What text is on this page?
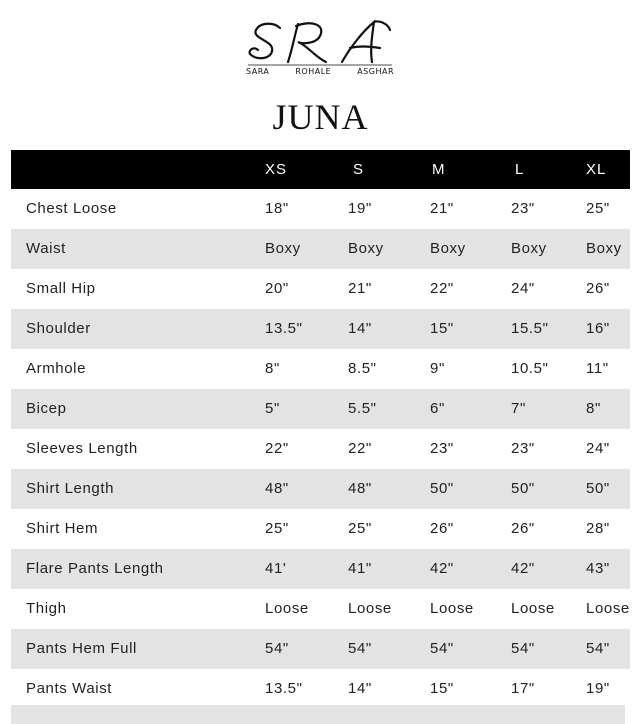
SARA	ROHALE	ASGHAR
JUNA
XS	S	M	L	XL
Chest Loose	18"	19"	21"	23"	25"
Waist	Boxy	Boxy	Boxy	Boxy	Boxy
Small Hip	20"	21"	22"	24"	26"
Shoulder	13.5"	14"	15"	15.5" 16"
Armhole	8"	8.5"	9"	10.5" 11"
Bicep	5"	5.5"	6"	7"	8"
Sleeves Length	22"	22"	23"	23"	24"
Shirt Length	48"	48"	50"	50"	50"
Shirt Hem	25"	25"	26"	26"	28"
Flare Pants Length	41'	41"	42"	42"	43"
Thigh	Loose	Loose	Loose Loose Loose
Pants Hem Full	54"	54"	54"	54"	54"
Pants Waist	13.5"	14"	15"	17"	19"
